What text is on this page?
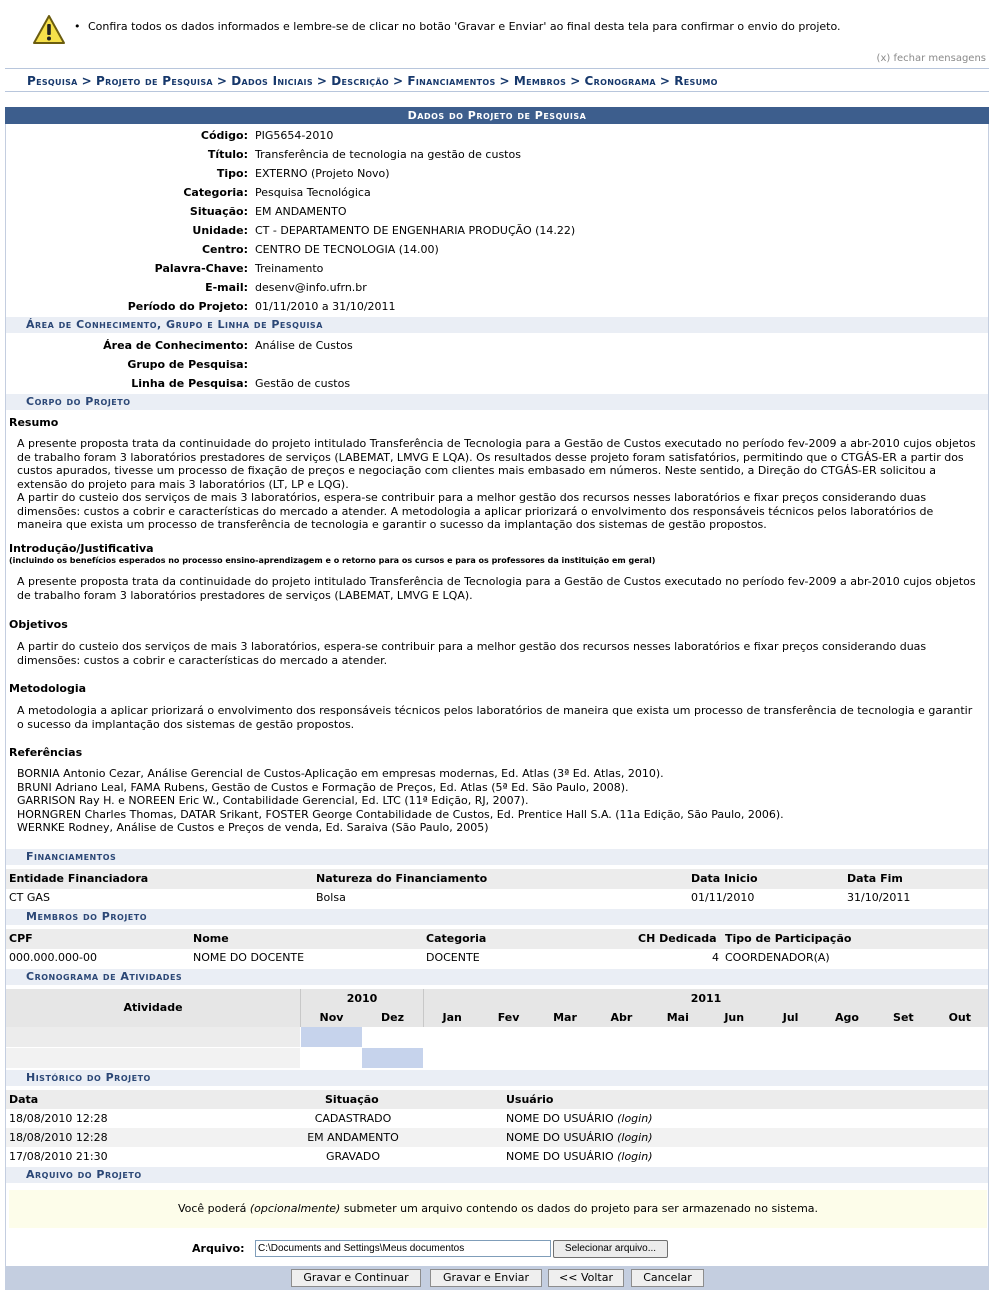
• Confira todos os dados informados e lembre-se de clicar no botão 'Gravar e Enviar' ao final desta tela para confirmar o envio do projeto.
(x) fechar mensagens
Pesquisa > Projeto de Pesquisa > Dados Iniciais > Descrição > Financiamentos > Membros > Cronograma > Resumo
Dados do Projeto de Pesquisa
Código: PIG5654-2010
Título: Transferência de tecnologia na gestão de custos
Tipo: EXTERNO (Projeto Novo)
Categoria: Pesquisa Tecnológica
Situação: EM ANDAMENTO
Unidade: CT - DEPARTAMENTO DE ENGENHARIA PRODUÇÃO (14.22)
Centro: CENTRO DE TECNOLOGIA (14.00)
Palavra-Chave: Treinamento
E-mail: desenv@info.ufrn.br
Período do Projeto: 01/11/2010 a 31/10/2011
Área de Conhecimento, Grupo e Linha de Pesquisa
Área de Conhecimento: Análise de Custos
Grupo de Pesquisa:
Linha de Pesquisa: Gestão de custos
Corpo do Projeto
Resumo
A presente proposta trata da continuidade do projeto intitulado Transferência de Tecnologia para a Gestão de Custos executado no período fev-2009 a abr-2010 cujos objetos de trabalho foram 3 laboratórios prestadores de serviços (LABEMAT, LMVG E LQA). Os resultados desse projeto foram satisfatórios, permitindo que o CTGÁS-ER a partir dos custos apurados, tivesse um processo de fixação de preços e negociação com clientes mais embasado em números. Neste sentido, a Direção do CTGÁS-ER solicitou a extensão do projeto para mais 3 laboratórios (LT, LP e LQG).
A partir do custeio dos serviços de mais 3 laboratórios, espera-se contribuir para a melhor gestão dos recursos nesses laboratórios e fixar preços considerando duas dimensões: custos a cobrir e características do mercado a atender. A metodologia a aplicar priorizará o envolvimento dos responsáveis técnicos pelos laboratórios de maneira que exista um processo de transferência de tecnologia e garantir o sucesso da implantação dos sistemas de gestão propostos.
Introdução/Justificativa
(incluindo os benefícios esperados no processo ensino-aprendizagem e o retorno para os cursos e para os professores da instituição em geral)
A presente proposta trata da continuidade do projeto intitulado Transferência de Tecnologia para a Gestão de Custos executado no período fev-2009 a abr-2010 cujos objetos de trabalho foram 3 laboratórios prestadores de serviços (LABEMAT, LMVG E LQA).
Objetivos
A partir do custeio dos serviços de mais 3 laboratórios, espera-se contribuir para a melhor gestão dos recursos nesses laboratórios e fixar preços considerando duas dimensões: custos a cobrir e características do mercado a atender.
Metodologia
A metodologia a aplicar priorizará o envolvimento dos responsáveis técnicos pelos laboratórios de maneira que exista um processo de transferência de tecnologia e garantir o sucesso da implantação dos sistemas de gestão propostos.
Referências
BORNIA Antonio Cezar, Análise Gerencial de Custos-Aplicação em empresas modernas, Ed. Atlas (3ª Ed. Atlas, 2010).
BRUNI Adriano Leal, FAMA Rubens, Gestão de Custos e Formação de Preços, Ed. Atlas (5ª Ed. São Paulo, 2008).
GARRISON Ray H. e NOREEN Eric W., Contabilidade Gerencial, Ed. LTC (11ª Edição, RJ, 2007).
HORNGREN Charles Thomas, DATAR Srikant, FOSTER George Contabilidade de Custos, Ed. Prentice Hall S.A. (11a Edição, São Paulo, 2006).
WERNKE Rodney, Análise de Custos e Preços de venda, Ed. Saraiva (São Paulo, 2005)
Financiamentos
Entidade Financiadora	Natureza do Financiamento	Data Inicio	Data Fim
CT GAS	Bolsa	01/11/2010	31/10/2011
Membros do Projeto
CPF	Nome	Categoria	CH Dedicada Tipo de Participação
000.000.000-00	NOME DO DOCENTE	DOCENTE	4 COORDENADOR(A)
Cronograma de Atividades
Atividade
2010	2011
Nov	Dez	Jan	Fev	Mar	Abr	Mai	Jun	Jul	Ago	Set	Out
Histórico do Projeto
Data	Situação	Usuário
18/08/2010 12:28	CADASTRADO	NOME DO USUÁRIO (login)
18/08/2010 12:28	EM ANDAMENTO	NOME DO USUÁRIO (login)
17/08/2010 21:30	GRAVADO	NOME DO USUÁRIO (login)
Arquivo do Projeto
Você poderá (opcionalmente) submeter um arquivo contendo os dados do projeto para ser armazenado no sistema.
Arquivo:	C:\Documents and Settings\Meus documentos	Selecionar arquivo...
Gravar e Continuar	Gravar e Enviar	<< Voltar	Cancelar
